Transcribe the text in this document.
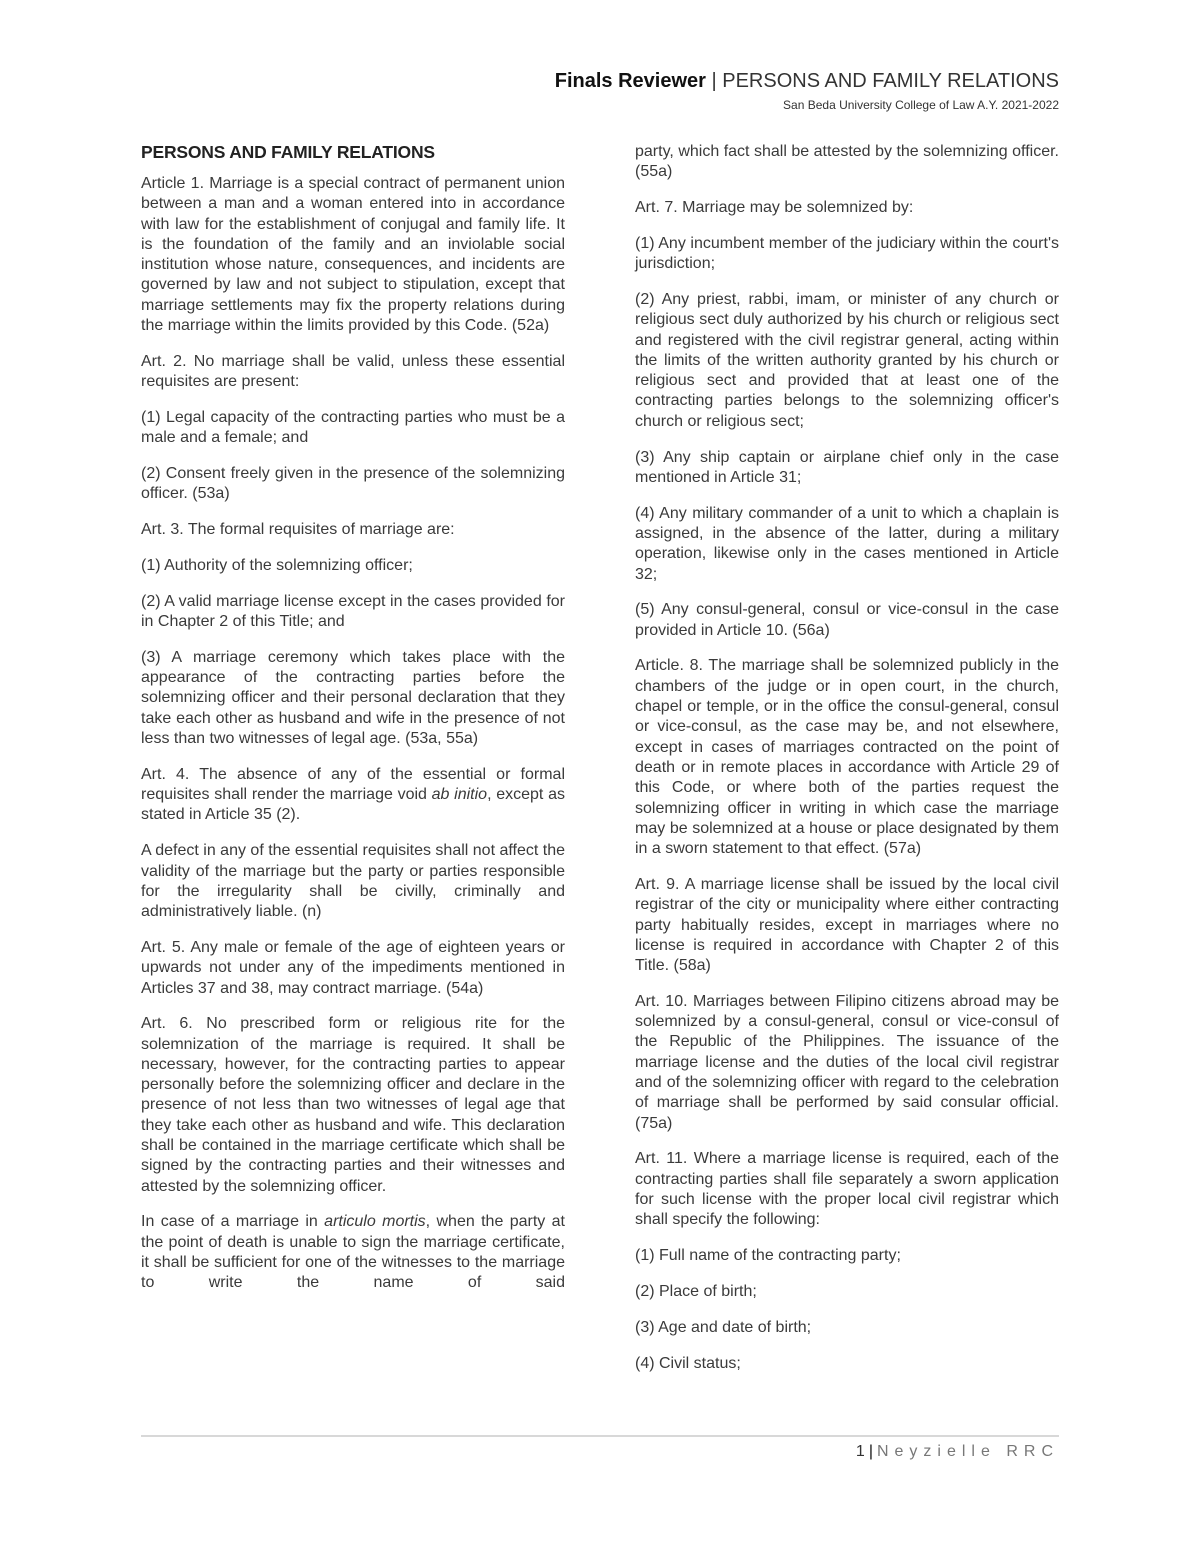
Finals Reviewer | PERSONS AND FAMILY RELATIONS
San Beda University College of Law A.Y. 2021-2022
PERSONS AND FAMILY RELATIONS

Article 1. Marriage is a special contract of permanent union between a man and a woman entered into in accordance with law for the establishment of conjugal and family life. It is the foundation of the family and an inviolable social institution whose nature, consequences, and incidents are governed by law and not subject to stipulation, except that marriage settlements may fix the property relations during the marriage within the limits provided by this Code. (52a)

Art. 2. No marriage shall be valid, unless these essential requisites are present:

(1) Legal capacity of the contracting parties who must be a male and a female; and

(2) Consent freely given in the presence of the solemnizing officer. (53a)

Art. 3. The formal requisites of marriage are:

(1) Authority of the solemnizing officer;

(2) A valid marriage license except in the cases provided for in Chapter 2 of this Title; and

(3) A marriage ceremony which takes place with the appearance of the contracting parties before the solemnizing officer and their personal declaration that they take each other as husband and wife in the presence of not less than two witnesses of legal age. (53a, 55a)

Art. 4. The absence of any of the essential or formal requisites shall render the marriage void ab initio, except as stated in Article 35 (2).

A defect in any of the essential requisites shall not affect the validity of the marriage but the party or parties responsible for the irregularity shall be civilly, criminally and administratively liable. (n)

Art. 5. Any male or female of the age of eighteen years or upwards not under any of the impediments mentioned in Articles 37 and 38, may contract marriage. (54a)

Art. 6. No prescribed form or religious rite for the solemnization of the marriage is required. It shall be necessary, however, for the contracting parties to appear personally before the solemnizing officer and declare in the presence of not less than two witnesses of legal age that they take each other as husband and wife. This declaration shall be contained in the marriage certificate which shall be signed by the contracting parties and their witnesses and attested by the solemnizing officer.

In case of a marriage in articulo mortis, when the party at the point of death is unable to sign the marriage certificate, it shall be sufficient for one of the witnesses to the marriage to write the name of said

party, which fact shall be attested by the solemnizing officer. (55a)

Art. 7. Marriage may be solemnized by:

(1) Any incumbent member of the judiciary within the court's jurisdiction;

(2) Any priest, rabbi, imam, or minister of any church or religious sect duly authorized by his church or religious sect and registered with the civil registrar general, acting within the limits of the written authority granted by his church or religious sect and provided that at least one of the contracting parties belongs to the solemnizing officer's church or religious sect;

(3) Any ship captain or airplane chief only in the case mentioned in Article 31;

(4) Any military commander of a unit to which a chaplain is assigned, in the absence of the latter, during a military operation, likewise only in the cases mentioned in Article 32;

(5) Any consul-general, consul or vice-consul in the case provided in Article 10. (56a)

Article. 8. The marriage shall be solemnized publicly in the chambers of the judge or in open court, in the church, chapel or temple, or in the office the consul-general, consul or vice-consul, as the case may be, and not elsewhere, except in cases of marriages contracted on the point of death or in remote places in accordance with Article 29 of this Code, or where both of the parties request the solemnizing officer in writing in which case the marriage may be solemnized at a house or place designated by them in a sworn statement to that effect. (57a)

Art. 9. A marriage license shall be issued by the local civil registrar of the city or municipality where either contracting party habitually resides, except in marriages where no license is required in accordance with Chapter 2 of this Title. (58a)

Art. 10. Marriages between Filipino citizens abroad may be solemnized by a consul-general, consul or vice-consul of the Republic of the Philippines. The issuance of the marriage license and the duties of the local civil registrar and of the solemnizing officer with regard to the celebration of marriage shall be performed by said consular official. (75a)

Art. 11. Where a marriage license is required, each of the contracting parties shall file separately a sworn application for such license with the proper local civil registrar which shall specify the following:

(1) Full name of the contracting party;

(2) Place of birth;

(3) Age and date of birth;

(4) Civil status;

1 | Neyzielle RRC
